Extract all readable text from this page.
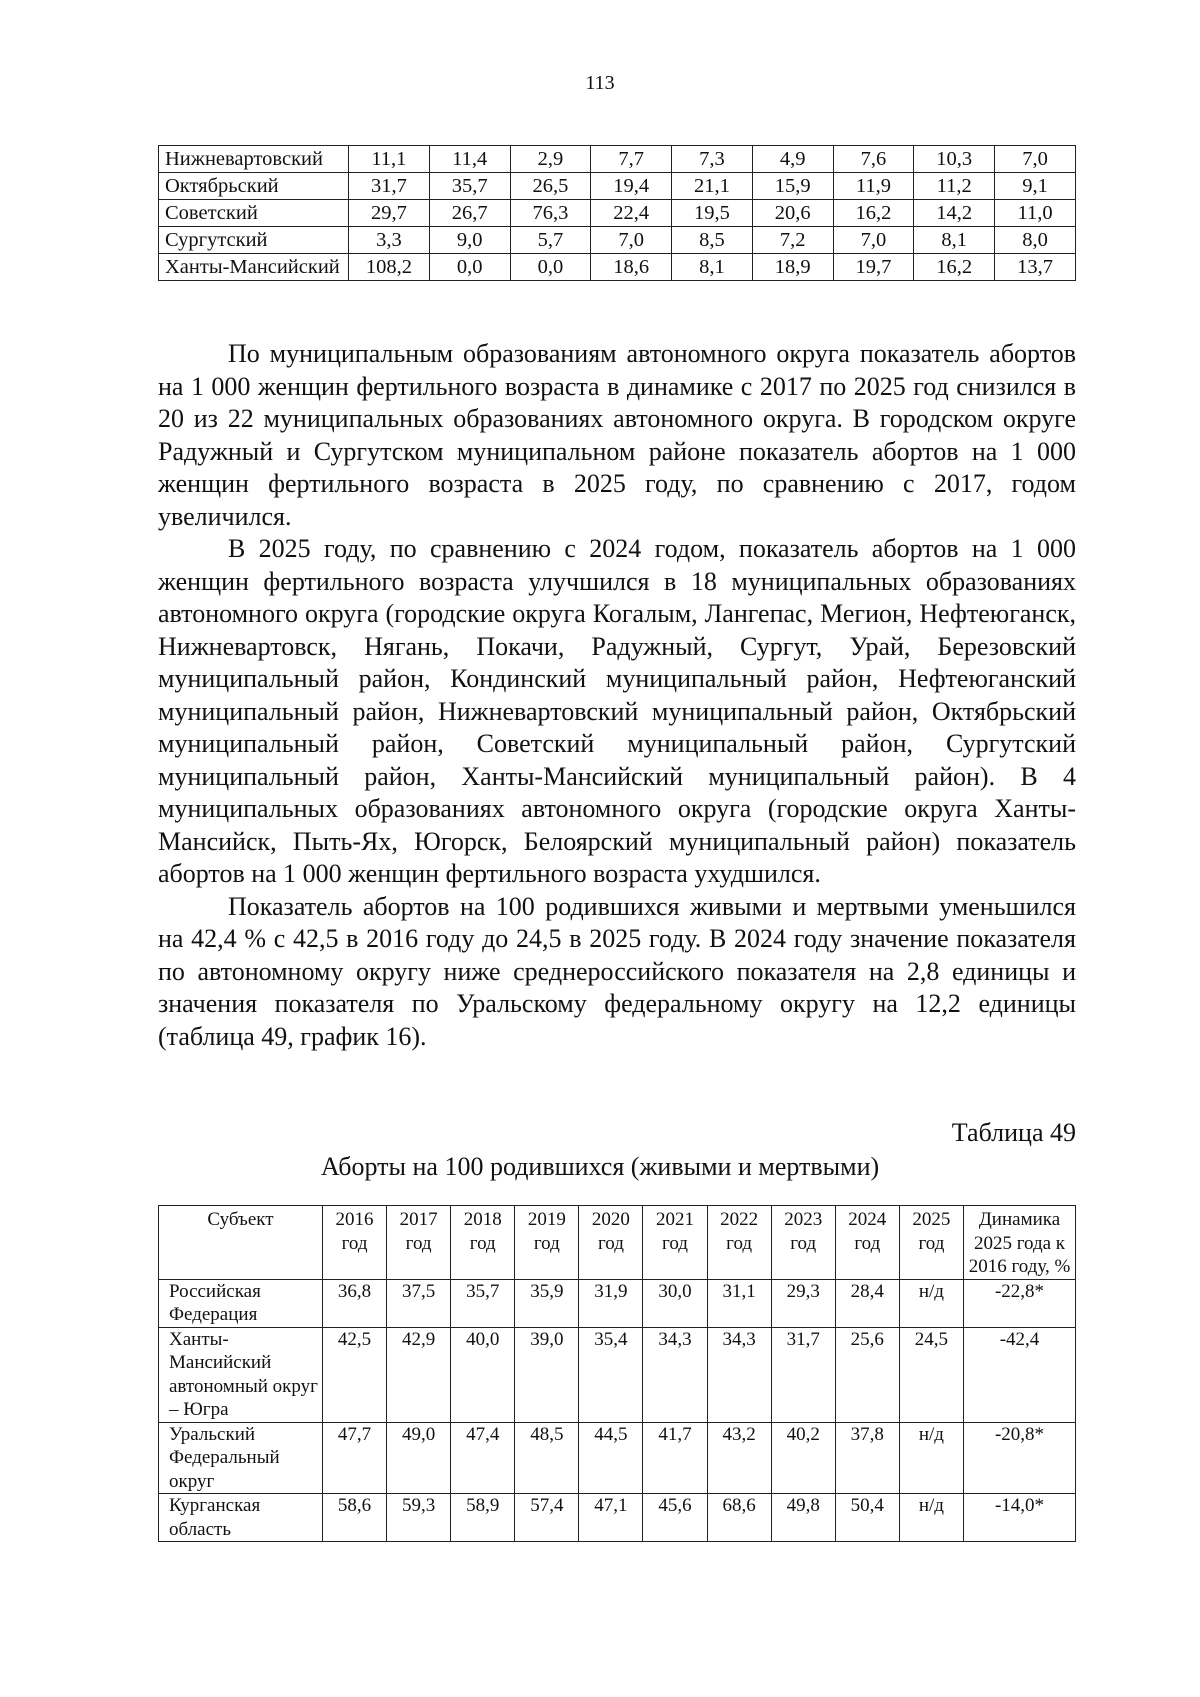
113
Нижневартовский	11,1	11,4	2,9	7,7	7,3	4,9	7,6	10,3	7,0
Октябрьский	31,7	35,7	26,5	19,4	21,1	15,9	11,9	11,2	9,1
Советский	29,7	26,7	76,3	22,4	19,5	20,6	16,2	14,2	11,0
Сургутский	3,3	9,0	5,7	7,0	8,5	7,2	7,0	8,1	8,0
Ханты-Мансийский	108,2	0,0	0,0	18,6	8,1	18,9	19,7	16,2	13,7

По муниципальным образованиям автономного округа показатель абортов на 1 000 женщин фертильного возраста в динамике с 2017 по 2025 год снизился в 20 из 22 муниципальных образованиях автономного округа. В городском округе Радужный и Сургутском муниципальном районе показатель абортов на 1 000 женщин фертильного возраста в 2025 году, по сравнению с 2017, годом увеличился.

В 2025 году, по сравнению с 2024 годом, показатель абортов на 1 000 женщин фертильного возраста улучшился в 18 муниципальных образованиях автономного округа (городские округа Когалым, Лангепас, Мегион, Нефтеюганск, Нижневартовск, Нягань, Покачи, Радужный, Сургут, Урай, Березовский муниципальный район, Кондинский муниципальный район, Нефтеюганский муниципальный район, Нижневартовский муниципальный район, Октябрьский муниципальный район, Советский муниципальный район, Сургутский муниципальный район, Ханты-Мансийский муниципальный район). В 4 муниципальных образованиях автономного округа (городские округа Ханты-Мансийск, Пыть-Ях, Югорск, Белоярский муниципальный район) показатель абортов на 1 000 женщин фертильного возраста ухудшился.

Показатель абортов на 100 родившихся живыми и мертвыми уменьшился на 42,4 % с 42,5 в 2016 году до 24,5 в 2025 году. В 2024 году значение показателя по автономному округу ниже среднероссийского показателя на 2,8 единицы и значения показателя по Уральскому федеральному округу на 12,2 единицы (таблица 49, график 16).

Таблица 49
Аборты на 100 родившихся (живыми и мертвыми)
Субъект	2016 год	2017 год	2018 год	2019 год	2020 год	2021 год	2022 год	2023 год	2024 год	2025 год	Динамика 2025 года к 2016 году, %
Российская Федерация	36,8	37,5	35,7	35,9	31,9	30,0	31,1	29,3	28,4	н/д	-22,8*
Ханты-Мансийский автономный округ – Югра	42,5	42,9	40,0	39,0	35,4	34,3	34,3	31,7	25,6	24,5	-42,4
Уральский Федеральный округ	47,7	49,0	47,4	48,5	44,5	41,7	43,2	40,2	37,8	н/д	-20,8*
Курганская область	58,6	59,3	58,9	57,4	47,1	45,6	68,6	49,8	50,4	н/д	-14,0*
